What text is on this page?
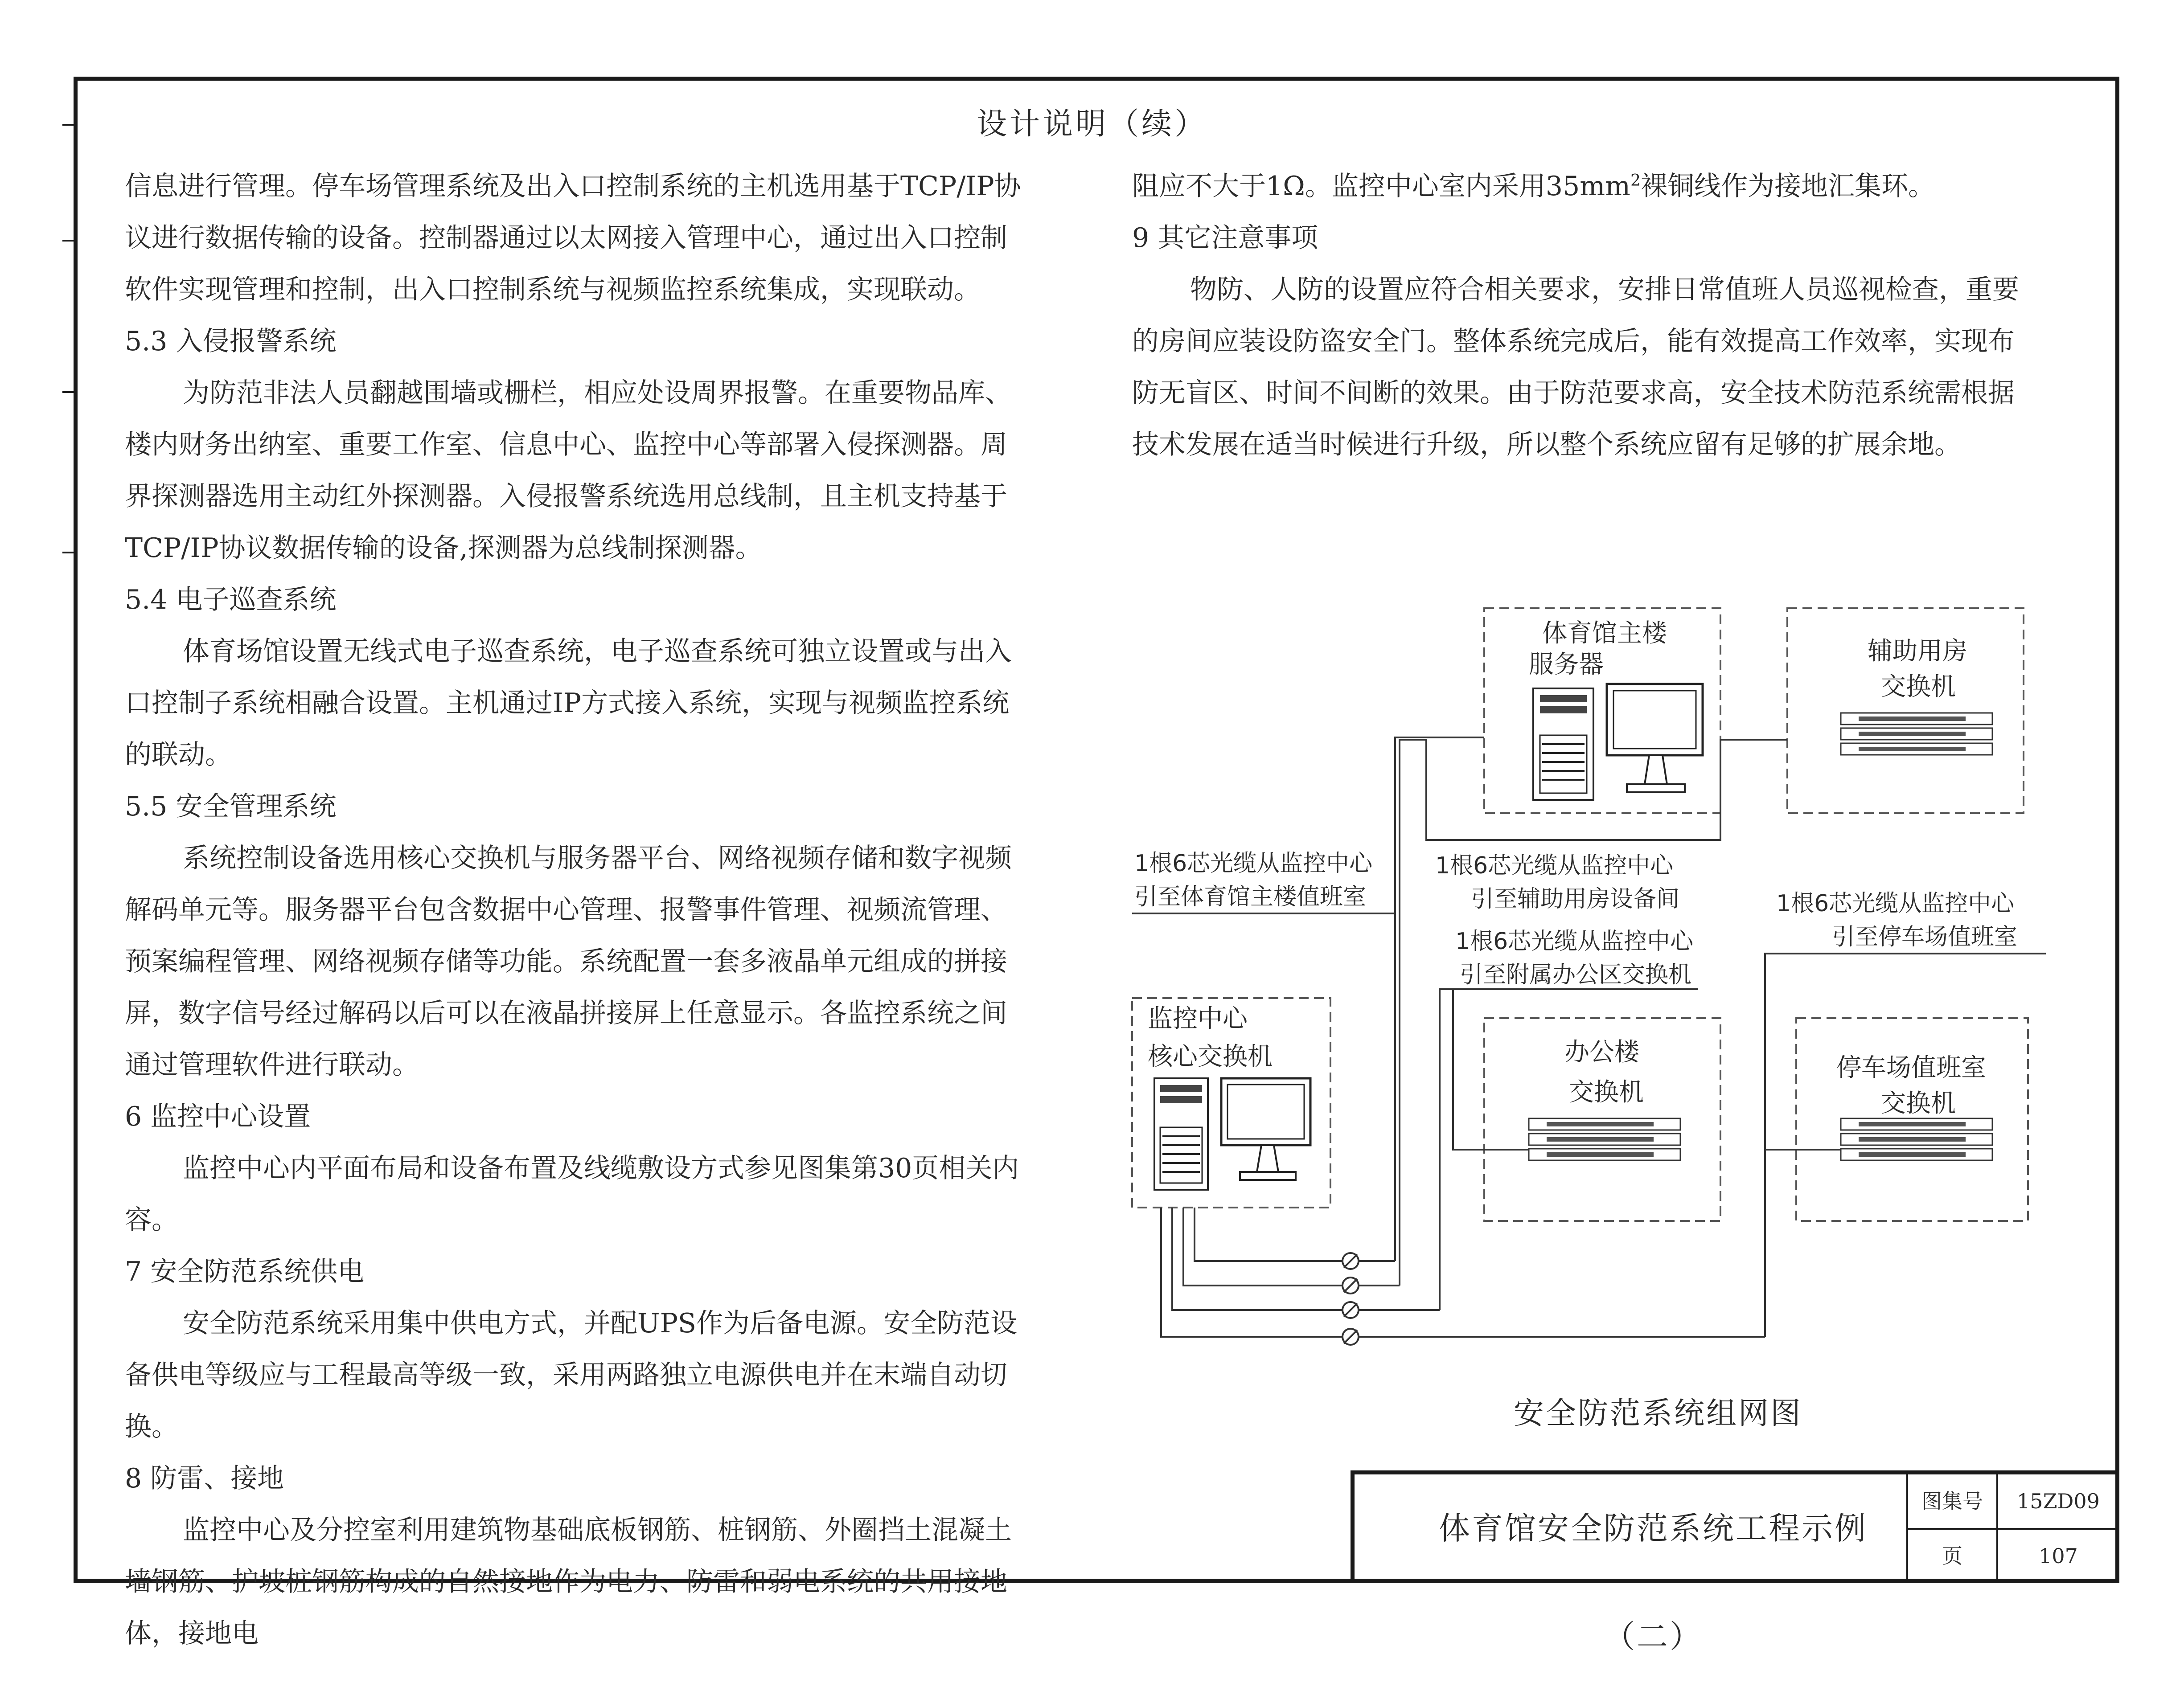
设计说明（续）

信息进行管理。停车场管理系统及出入口控制系统的主机选用基于TCP/IP协议进行数据传输的设备。控制器通过以太网接入管理中心，通过出入口控制软件实现管理和控制，出入口控制系统与视频监控系统集成，实现联动。

5.3 入侵报警系统

为防范非法人员翻越围墙或栅栏，相应处设周界报警。在重要物品库、楼内财务出纳室、重要工作室、信息中心、监控中心等部署入侵探测器。周界探测器选用主动红外探测器。入侵报警系统选用总线制，且主机支持基于TCP/IP协议数据传输的设备,探测器为总线制探测器。

5.4 电子巡查系统

体育场馆设置无线式电子巡查系统，电子巡查系统可独立设置或与出入口控制子系统相融合设置。主机通过IP方式接入系统，实现与视频监控系统的联动。

5.5 安全管理系统

系统控制设备选用核心交换机与服务器平台、网络视频存储和数字视频解码单元等。服务器平台包含数据中心管理、报警事件管理、视频流管理、预案编程管理、网络视频存储等功能。系统配置一套多液晶单元组成的拼接屏，数字信号经过解码以后可以在液晶拼接屏上任意显示。各监控系统之间通过管理软件进行联动。

6 监控中心设置

监控中心内平面布局和设备布置及线缆敷设方式参见图集第30页相关内容。

7 安全防范系统供电

安全防范系统采用集中供电方式，并配UPS作为后备电源。安全防范设备供电等级应与工程最高等级一致，采用两路独立电源供电并在末端自动切换。

8 防雷、接地

监控中心及分控室利用建筑物基础底板钢筋、桩钢筋、外圈挡土混凝土墙钢筋、护坡桩钢筋构成的自然接地作为电力、防雷和弱电系统的共用接地体，接地电

阻应不大于1Ω。监控中心室内采用$35mm^2$裸铜线作为接地汇集环。

9 其它注意事项

物防、人防的设置应符合相关要求，安排日常值班人员巡视检查，重要的房间应装设防盗安全门。整体系统完成后，能有效提高工作效率，实现布防无盲区、时间不间断的效果。由于防范要求高，安全技术防范系统需根据技术发展在适当时候进行升级，所以整个系统应留有足够的扩展余地。

体育馆主楼
服务器	辅助用房
交换机
监控中心
核心交换机	办公楼
交换机
停车场值班室
交换机
1根6芯光缆从监控中心
引至体育馆主楼值班室
1根6芯光缆从监控中心
引至辅助用房设备间
1根6芯光缆从监控中心
引至附属办公区交换机
1根6芯光缆从监控中心
引至停车场值班室
安全防范系统组网图
体育馆安全防范系统工程示例（二）
图集号	15ZD09
页	107
